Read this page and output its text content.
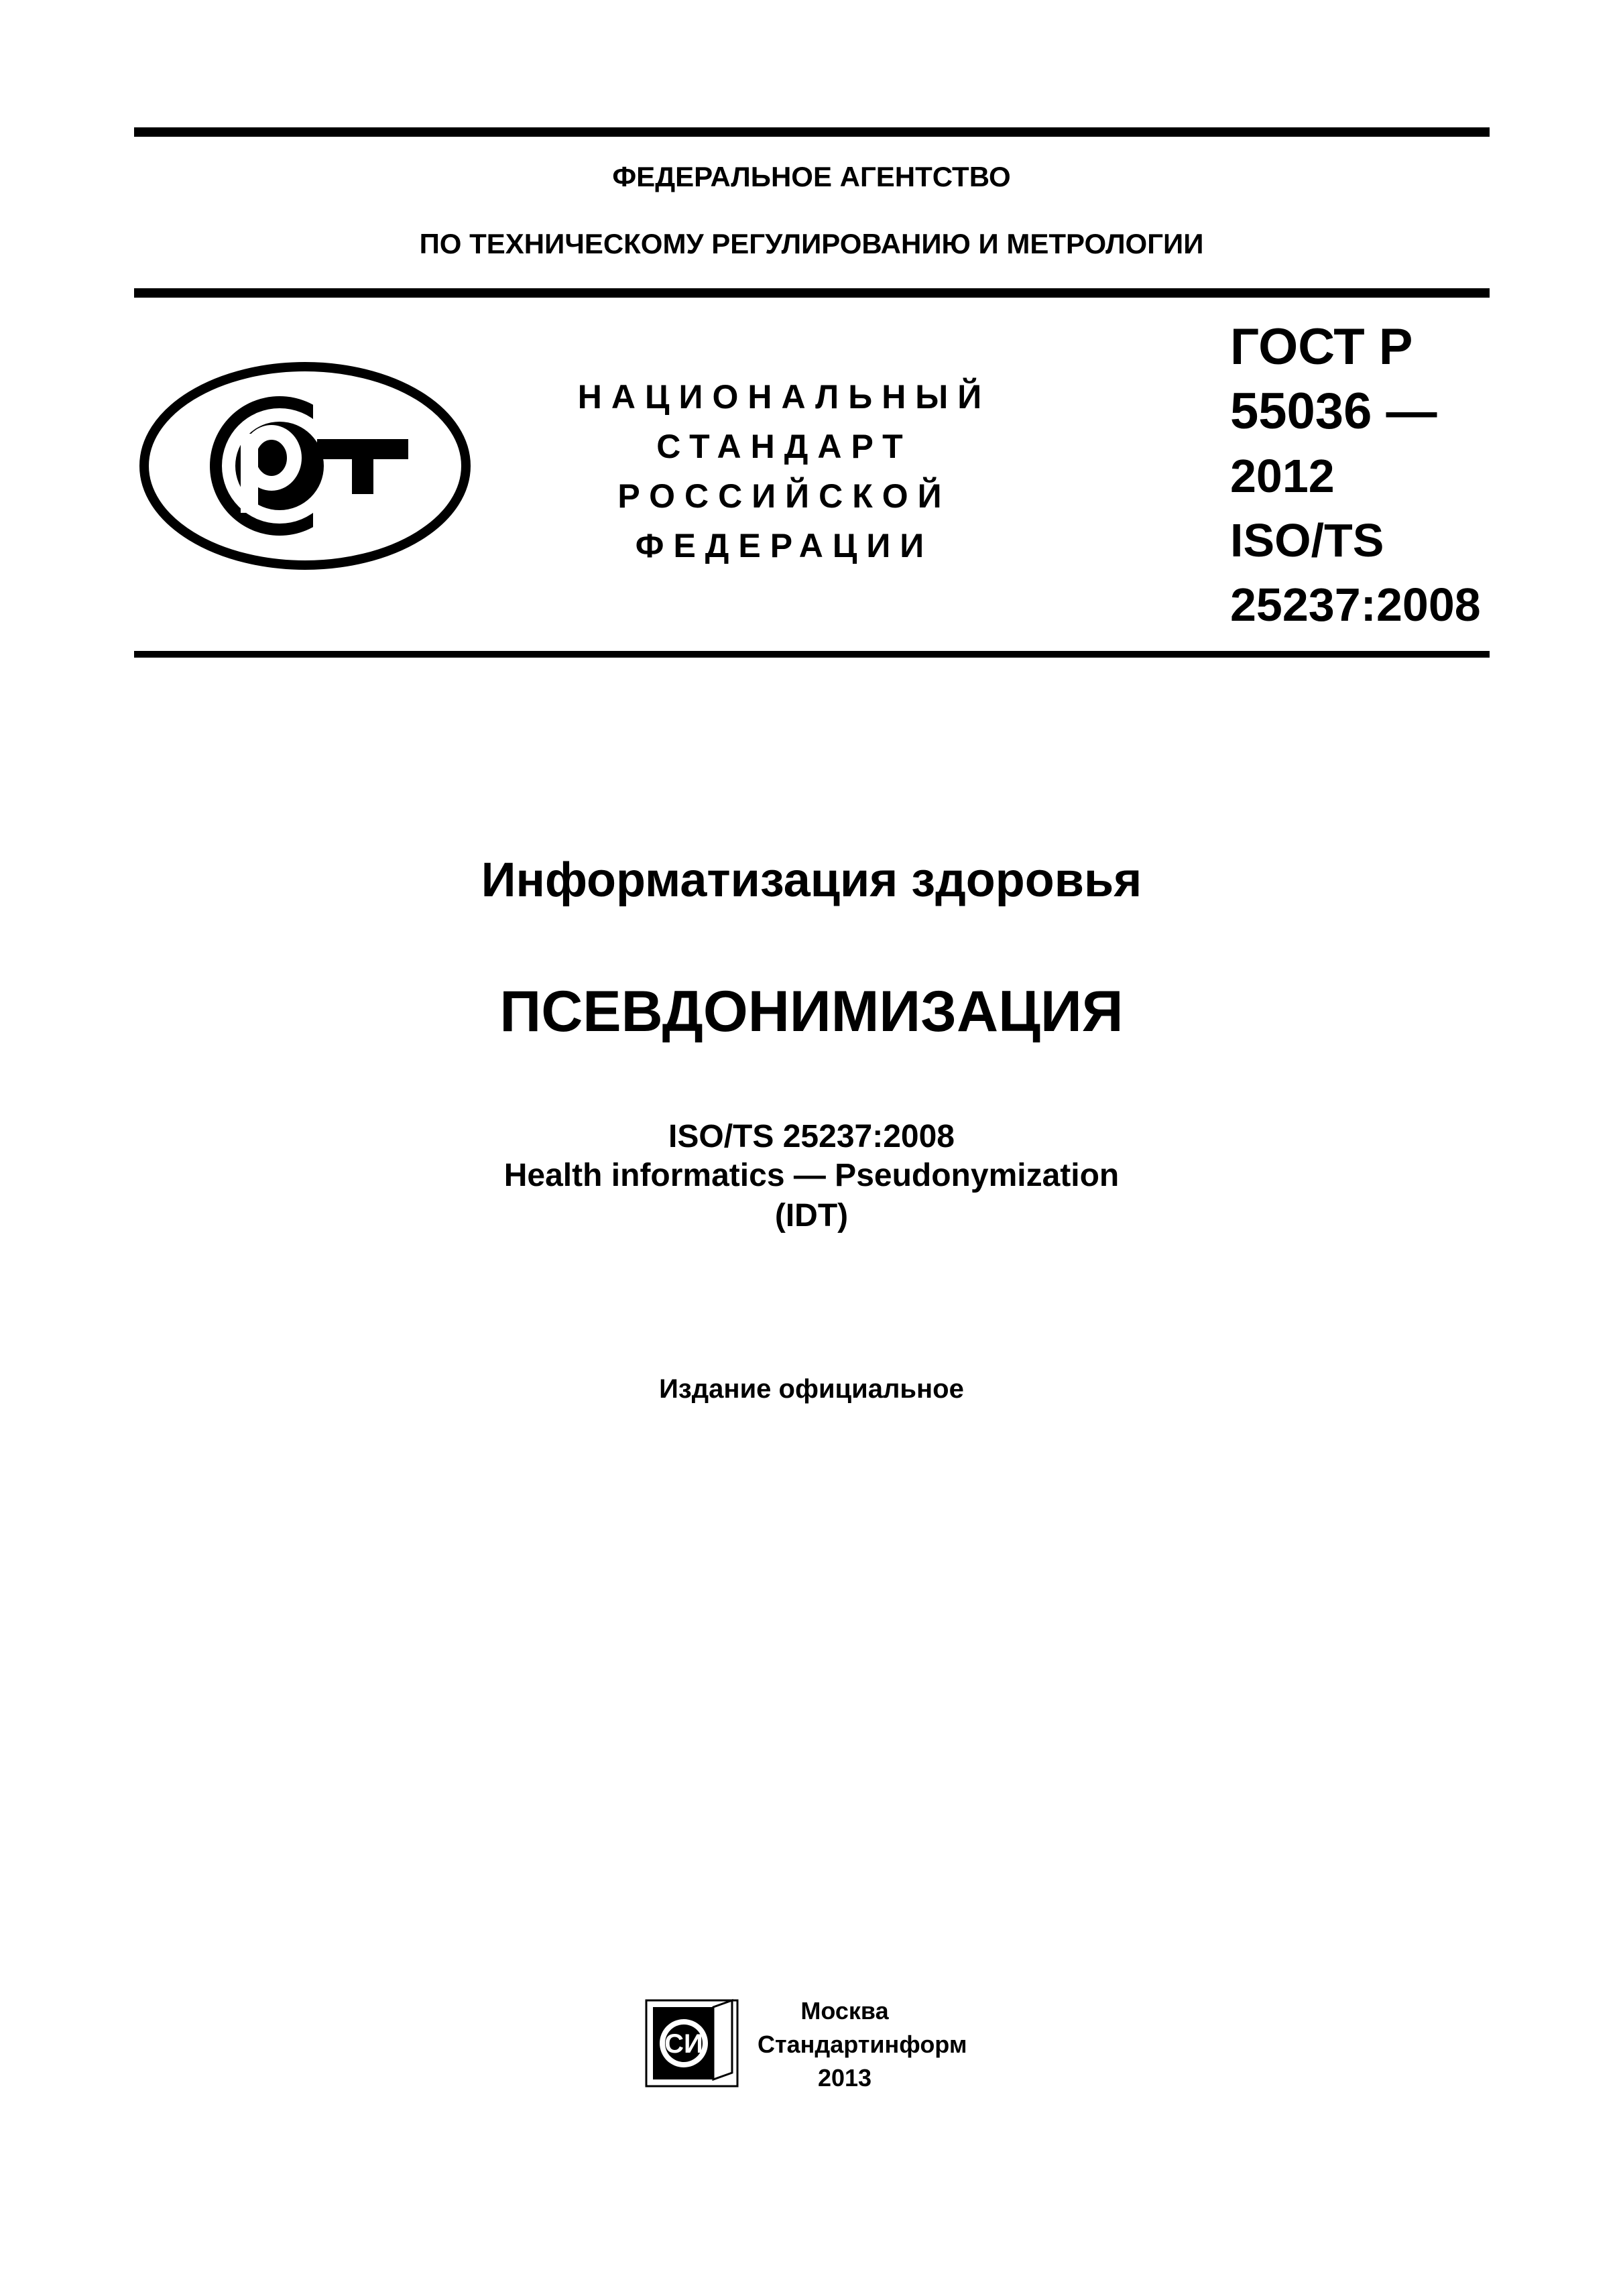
ФЕДЕРАЛЬНОЕ АГЕНТСТВО
ПО ТЕХНИЧЕСКОМУ РЕГУЛИРОВАНИЮ И МЕТРОЛОГИИ
НАЦИОНАЛЬНЫЙ
СТАНДАРТ
РОССИЙСКОЙ
ФЕДЕРАЦИИ
ГОСТ Р
55036 —
2012
ISO/TS
25237:2008
Информатизация здоровья
ПСЕВДОНИМИЗАЦИЯ
ISO/TS 25237:2008
Health informatics — Pseudonymization
(IDT)
Издание официальное
СИ
Москва
Стандартинформ
2013
